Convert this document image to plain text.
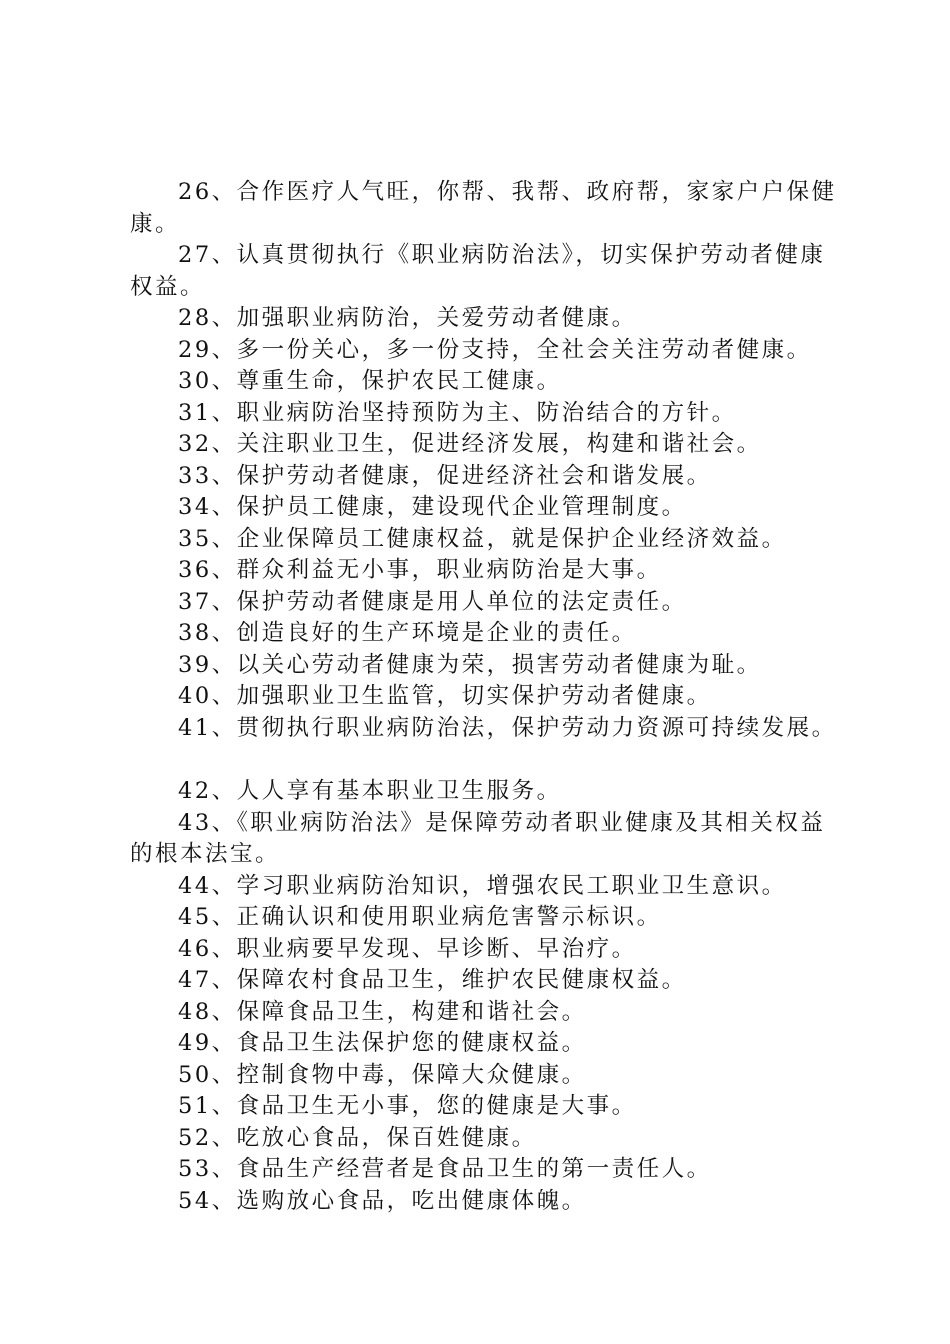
26、合作医疗人气旺，你帮、我帮、政府帮，家家户户保健康。

27、认真贯彻执行《职业病防治法》，切实保护劳动者健康权益。

28、加强职业病防治，关爱劳动者健康。

29、多一份关心，多一份支持，全社会关注劳动者健康。

30、尊重生命，保护农民工健康。

31、职业病防治坚持预防为主、防治结合的方针。

32、关注职业卫生，促进经济发展，构建和谐社会。

33、保护劳动者健康，促进经济社会和谐发展。

34、保护员工健康，建设现代企业管理制度。

35、企业保障员工健康权益，就是保护企业经济效益。

36、群众利益无小事，职业病防治是大事。

37、保护劳动者健康是用人单位的法定责任。

38、创造良好的生产环境是企业的责任。

39、以关心劳动者健康为荣，损害劳动者健康为耻。

40、加强职业卫生监管，切实保护劳动者健康。

41、贯彻执行职业病防治法，保护劳动力资源可持续发展。

42、人人享有基本职业卫生服务。

43、《职业病防治法》是保障劳动者职业健康及其相关权益的根本法宝。

44、学习职业病防治知识，增强农民工职业卫生意识。

45、正确认识和使用职业病危害警示标识。

46、职业病要早发现、早诊断、早治疗。

47、保障农村食品卫生，维护农民健康权益。

48、保障食品卫生，构建和谐社会。

49、食品卫生法保护您的健康权益。

50、控制食物中毒，保障大众健康。

51、食品卫生无小事，您的健康是大事。

52、吃放心食品，保百姓健康。

53、食品生产经营者是食品卫生的第一责任人。

54、选购放心食品，吃出健康体魄。
